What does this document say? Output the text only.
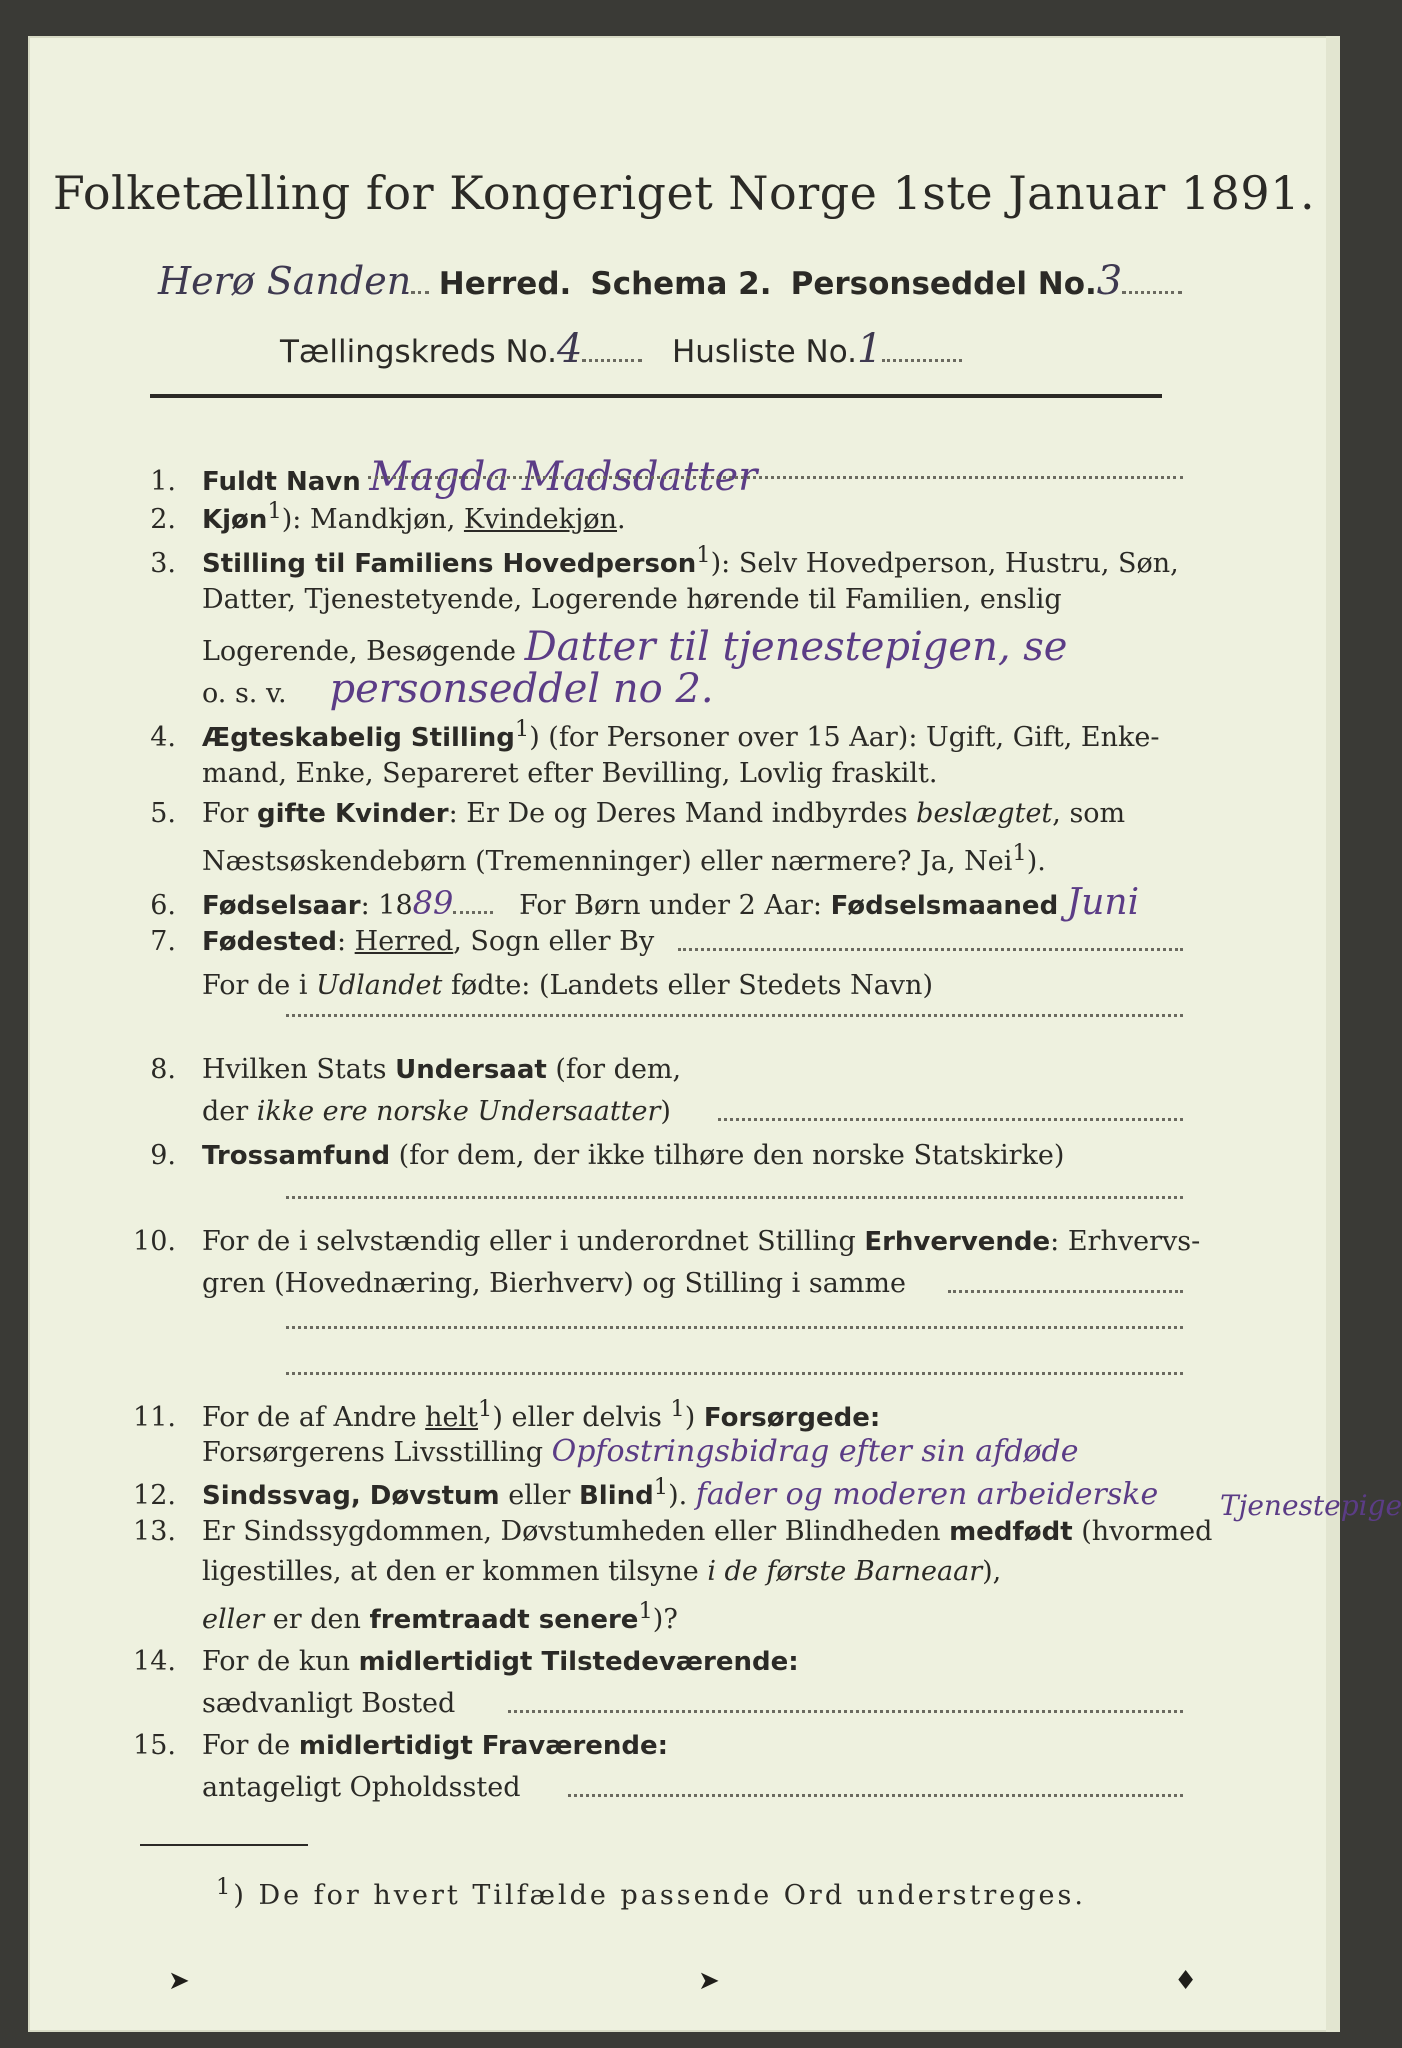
Folketælling for Kongeriget Norge 1ste Januar 1891.
Herø Sanden Herred. Schema 2. Personseddel No.3
Tællingskreds No.4	Husliste No.1
1. Fuldt Navn Magda Madsdatter
2. Kjøn$^1$): Mandkjøn, Kvindekjøn.
3. Stilling til Familiens Hovedperson$^1$): Selv Hovedperson, Hustru, Søn,
Datter, Tjenestetyende, Logerende hørende til Familien, enslig
Logerende, Besøgende Datter til tjenestepigen, se
o. s. v. personseddel no 2.
4. Ægteskabelig Stilling$^1$) (for Personer over 15 Aar): Ugift, Gift, Enke-
mand, Enke, Separeret efter Bevilling, Lovlig fraskilt.
5. For gifte Kvinder: Er De og Deres Mand indbyrdes beslægtet, som
Næstsøskendebørn (Tremenninger) eller nærmere? Ja, Nei$^1$).
6. Fødselsaar: 1889 For Børn under 2 Aar: Fødselsmaaned Juni
7. Fødested: Herred, Sogn eller By
For de i Udlandet fødte: (Landets eller Stedets Navn)
8. Hvilken Stats Undersaat (for dem,
der ikke ere norske Undersaatter)
9. Trossamfund (for dem, der ikke tilhøre den norske Statskirke)
10. For de i selvstændig eller i underordnet Stilling Erhvervende: Erhvervs-
gren (Hovednæring, Bierhverv) og Stilling i samme
11. For de af Andre helt$^1$) eller delvis $^1$) Forsørgede:
Forsørgerens Livsstilling Opfostringsbidrag efter sin afdøde
12. Sindssvag, Døvstum eller Blind$^1$). fader og moderen arbeiderske Tjenestepige
13. Er Sindssygdommen, Døvstumheden eller Blindheden medfødt (hvormed
ligestilles, at den er kommen tilsyne i de første Barneaar),
eller er den fremtraadt senere$^1$)?
14. For de kun midlertidigt Tilstedeværende:
sædvanligt Bosted
15. For de midlertidigt Fraværende:
antageligt Opholdssted
$^1$) De for hvert Tilfælde passende Ord understreges.
➤	➤	♦
